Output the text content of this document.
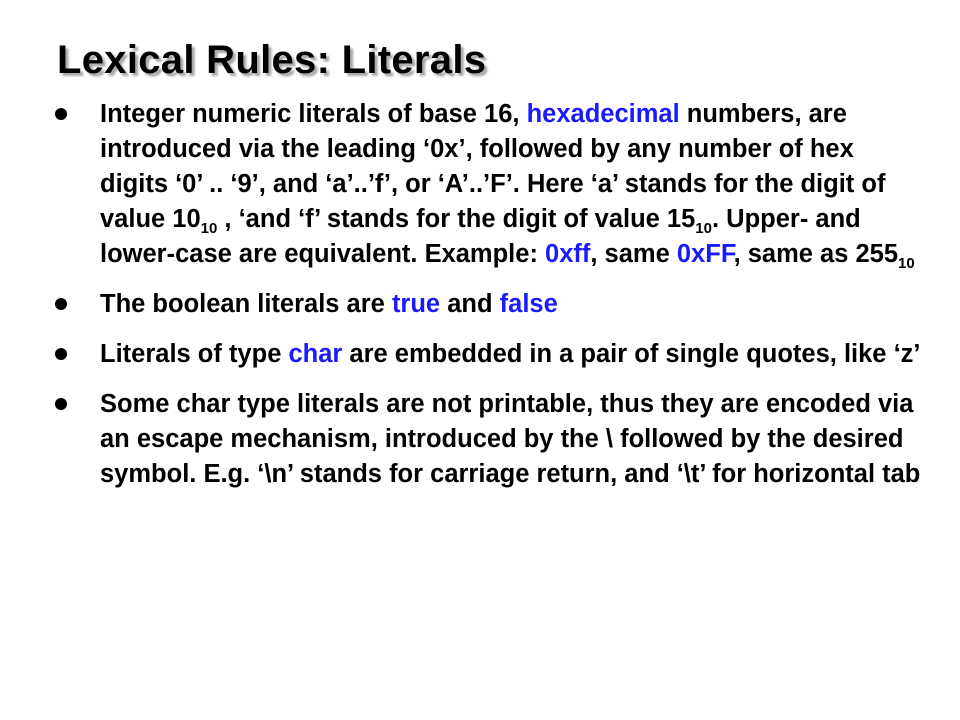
Lexical Rules: Literals
Integer numeric literals of base 16, hexadecimal numbers, are introduced via the leading ‘0x’, followed by any number of hex digits ‘0’ .. ‘9’, and ‘a’..’f’, or ‘A’..’F’. Here ‘a’ stands for the digit of value $10_{10}$ , ‘and ‘f’ stands for the digit of value $15_{10}$. Upper- and lower-case are equivalent. Example: 0xff, same 0xFF, same as $255_{10}$
The boolean literals are true and false
Literals of type char are embedded in a pair of single quotes, like ‘z’
Some char type literals are not printable, thus they are encoded via an escape mechanism, introduced by the \ followed by the desired symbol. E.g. ‘\n’ stands for carriage return, and ‘\t’ for horizontal tab
